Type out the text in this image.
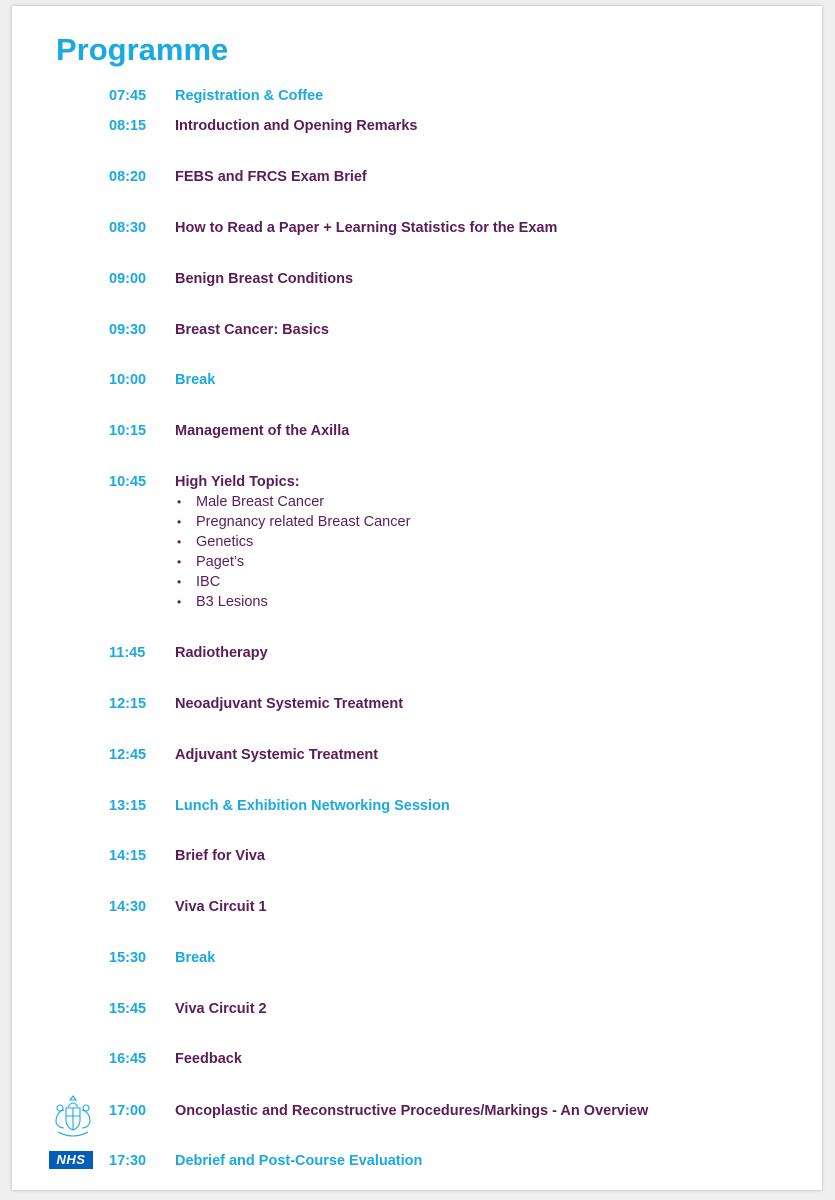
Programme
07:45 Registration & Coffee
08:15 Introduction and Opening Remarks
08:20 FEBS and FRCS Exam Brief
08:30 How to Read a Paper + Learning Statistics for the Exam
09:00 Benign Breast Conditions
09:30 Breast Cancer: Basics
10:00 Break
10:15 Management of the Axilla
10:45 High Yield Topics:
• Male Breast Cancer
• Pregnancy related Breast Cancer
• Genetics
• Paget’s
• IBC
• B3 Lesions
11:45 Radiotherapy
12:15 Neoadjuvant Systemic Treatment
12:45 Adjuvant Systemic Treatment
13:15 Lunch & Exhibition Networking Session
14:15 Brief for Viva
14:30 Viva Circuit 1
15:30 Break
15:45 Viva Circuit 2
16:45 Feedback
17:00 Oncoplastic and Reconstructive Procedures/Markings - An Overview
17:30 Debrief and Post-Course Evaluation
NHS
